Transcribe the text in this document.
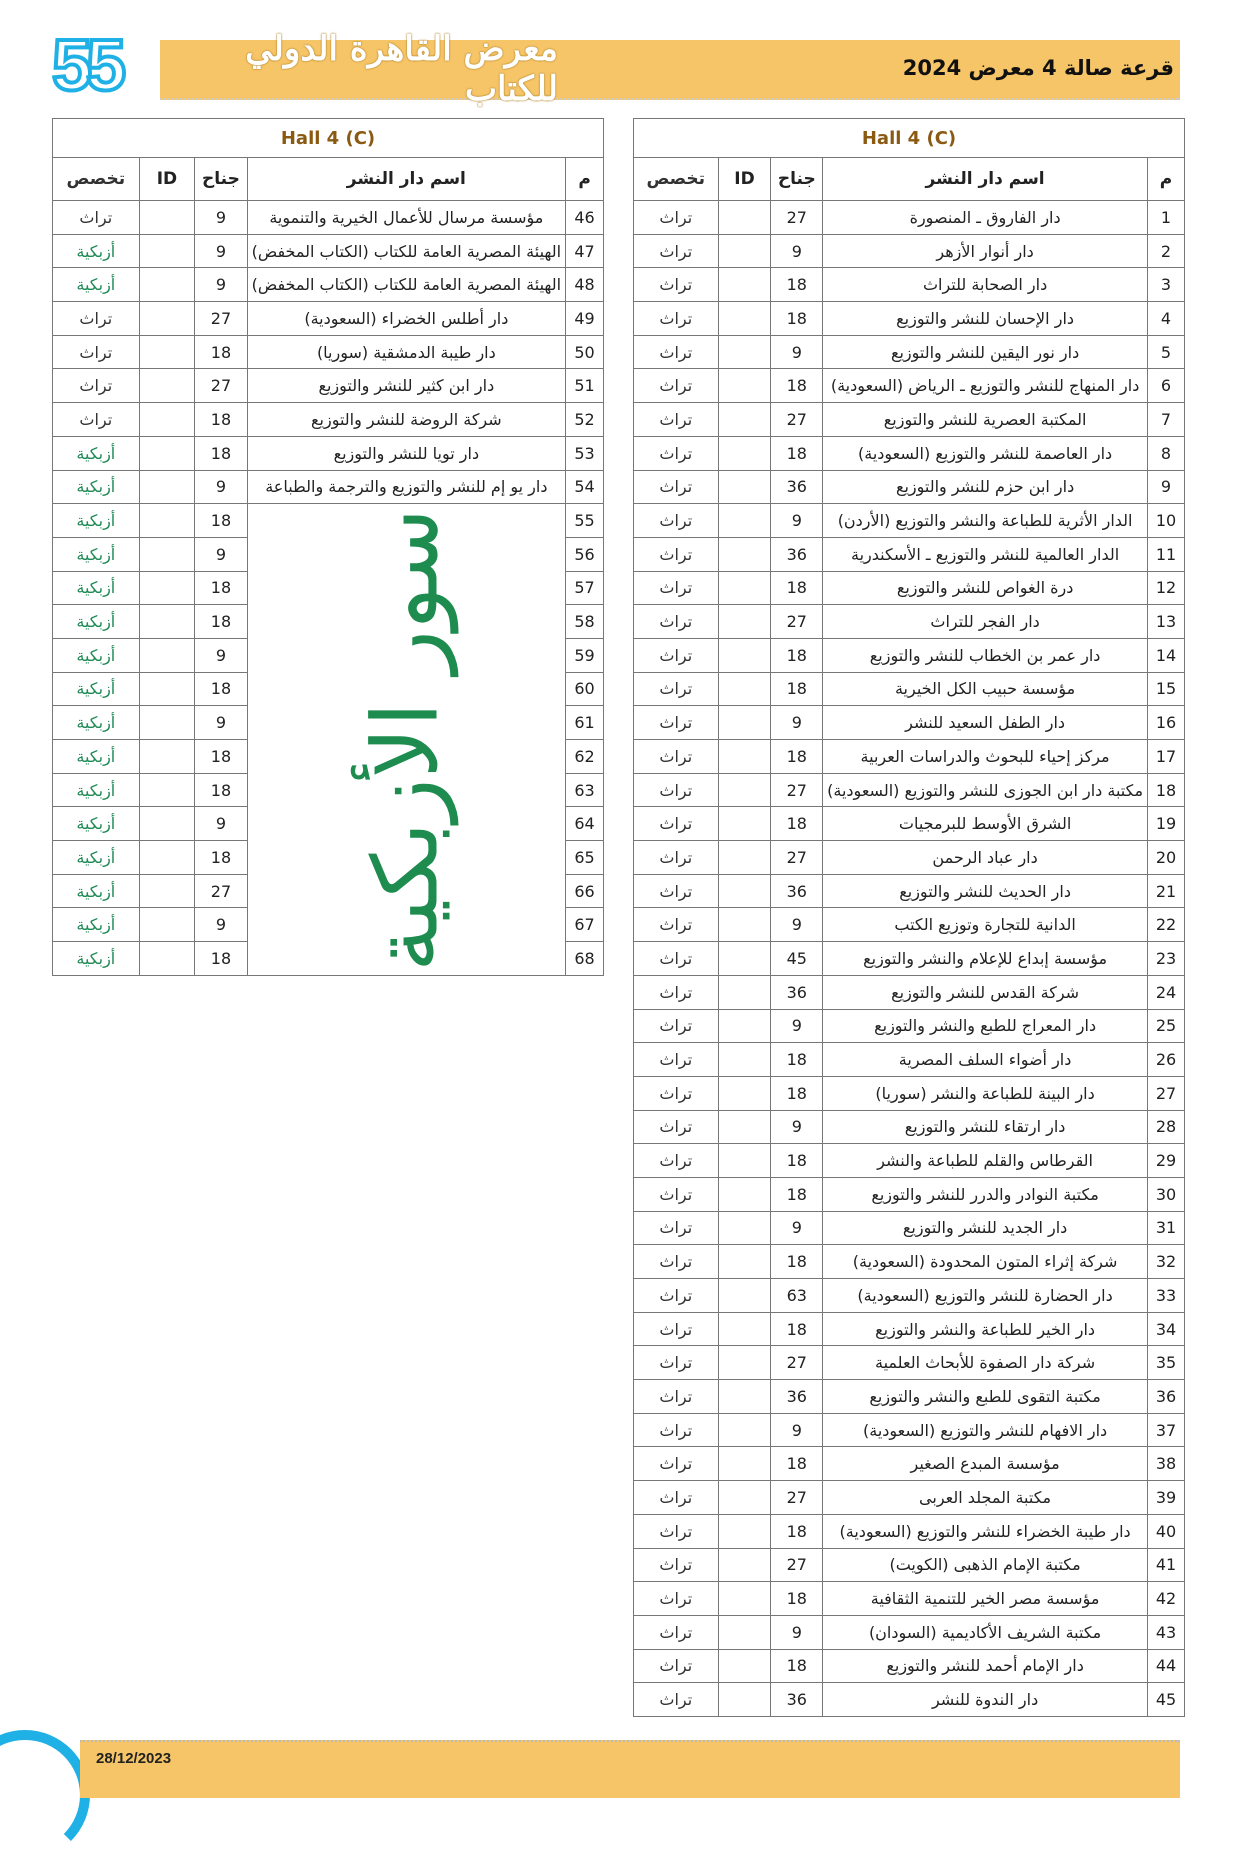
55	معرض القاهرة الدولي للكتاب
قرعة صالة 4 معرض 2024
Hall 4 (C)				
م	اسم دار النشر	جناح	ID	تخصص
1	دار الفاروق ـ المنصورة	27		تراث
2	دار أنوار الأزهر	9		تراث
3	دار الصحابة للتراث	18		تراث
4	دار الإحسان للنشر والتوزيع	18		تراث
5	دار نور اليقين للنشر والتوزيع	9		تراث
6	دار المنهاج للنشر والتوزيع ـ الرياض (السعودية)	18		تراث
7	المكتبة العصرية للنشر والتوزيع	27		تراث
8	دار العاصمة للنشر والتوزيع (السعودية)	18		تراث
9	دار ابن حزم للنشر والتوزيع	36		تراث
10	الدار الأثرية للطباعة والنشر والتوزيع (الأردن)	9		تراث
11	الدار العالمية للنشر والتوزيع ـ الأسكندرية	36		تراث
12	درة الغواص للنشر والتوزيع	18		تراث
13	دار الفجر للتراث	27		تراث
14	دار عمر بن الخطاب للنشر والتوزيع	18		تراث
15	مؤسسة حبيب الكل الخيرية	18		تراث
16	دار الطفل السعيد للنشر	9		تراث
17	مركز إحياء للبحوث والدراسات العربية	18		تراث
18	مكتبة دار ابن الجوزى للنشر والتوزيع (السعودية)	27		تراث
19	الشرق الأوسط للبرمجيات	18		تراث
20	دار عباد الرحمن	27		تراث
21	دار الحديث للنشر والتوزيع	36		تراث
22	الدانية للتجارة وتوزيع الكتب	9		تراث
23	مؤسسة إبداع للإعلام والنشر والتوزيع	45		تراث
24	شركة القدس للنشر والتوزيع	36		تراث
25	دار المعراج للطبع والنشر والتوزيع	9		تراث
26	دار أضواء السلف المصرية	18		تراث
27	دار البينة للطباعة والنشر (سوريا)	18		تراث
28	دار ارتقاء للنشر والتوزيع	9		تراث
29	القرطاس والقلم للطباعة والنشر	18		تراث
30	مكتبة النوادر والدرر للنشر والتوزيع	18		تراث
31	دار الجديد للنشر والتوزيع	9		تراث
32	شركة إثراء المتون المحدودة (السعودية)	18		تراث
33	دار الحضارة للنشر والتوزيع (السعودية)	63		تراث
34	دار الخير للطباعة والنشر والتوزيع	18		تراث
35	شركة دار الصفوة للأبحاث العلمية	27		تراث
36	مكتبة التقوى للطبع والنشر والتوزيع	36		تراث
37	دار الافهام للنشر والتوزيع (السعودية)	9		تراث
38	مؤسسة المبدع الصغير	18		تراث
39	مكتبة المجلد العربى	27		تراث
40	دار طيبة الخضراء للنشر والتوزيع (السعودية)	18		تراث
41	مكتبة الإمام الذهبى (الكويت)	27		تراث
42	مؤسسة مصر الخير للتنمية الثقافية	18		تراث
43	مكتبة الشريف الأكاديمية (السودان)	9		تراث
44	دار الإمام أحمد للنشر والتوزيع	18		تراث
45	دار الندوة للنشر	36		تراث
Hall 4 (C)				
م	اسم دار النشر	جناح	ID	تخصص
46	مؤسسة مرسال للأعمال الخيرية والتنموية	9		تراث
47	الهيئة المصرية العامة للكتاب (الكتاب المخفض)	9		أزبكية
48	الهيئة المصرية العامة للكتاب (الكتاب المخفض)	9		أزبكية
49	دار أطلس الخضراء (السعودية)	27		تراث
50	دار طيبة الدمشقية (سوريا)	18		تراث
51	دار ابن كثير للنشر والتوزيع	27		تراث
52	شركة الروضة للنشر والتوزيع	18		تراث
53	دار تويا للنشر والتوزيع	18		أزبكية
54	دار يو إم للنشر والتوزيع والترجمة والطباعة	9		أزبكية
55	سور الأزبكية	18		أزبكية
56		9		أزبكية
57		18		أزبكية
58		18		أزبكية
59		9		أزبكية
60		18		أزبكية
61		9		أزبكية
62		18		أزبكية
63		18		أزبكية
64		9		أزبكية
65		18		أزبكية
66		27		أزبكية
67		9		أزبكية
68		18		أزبكية
28/12/2023
